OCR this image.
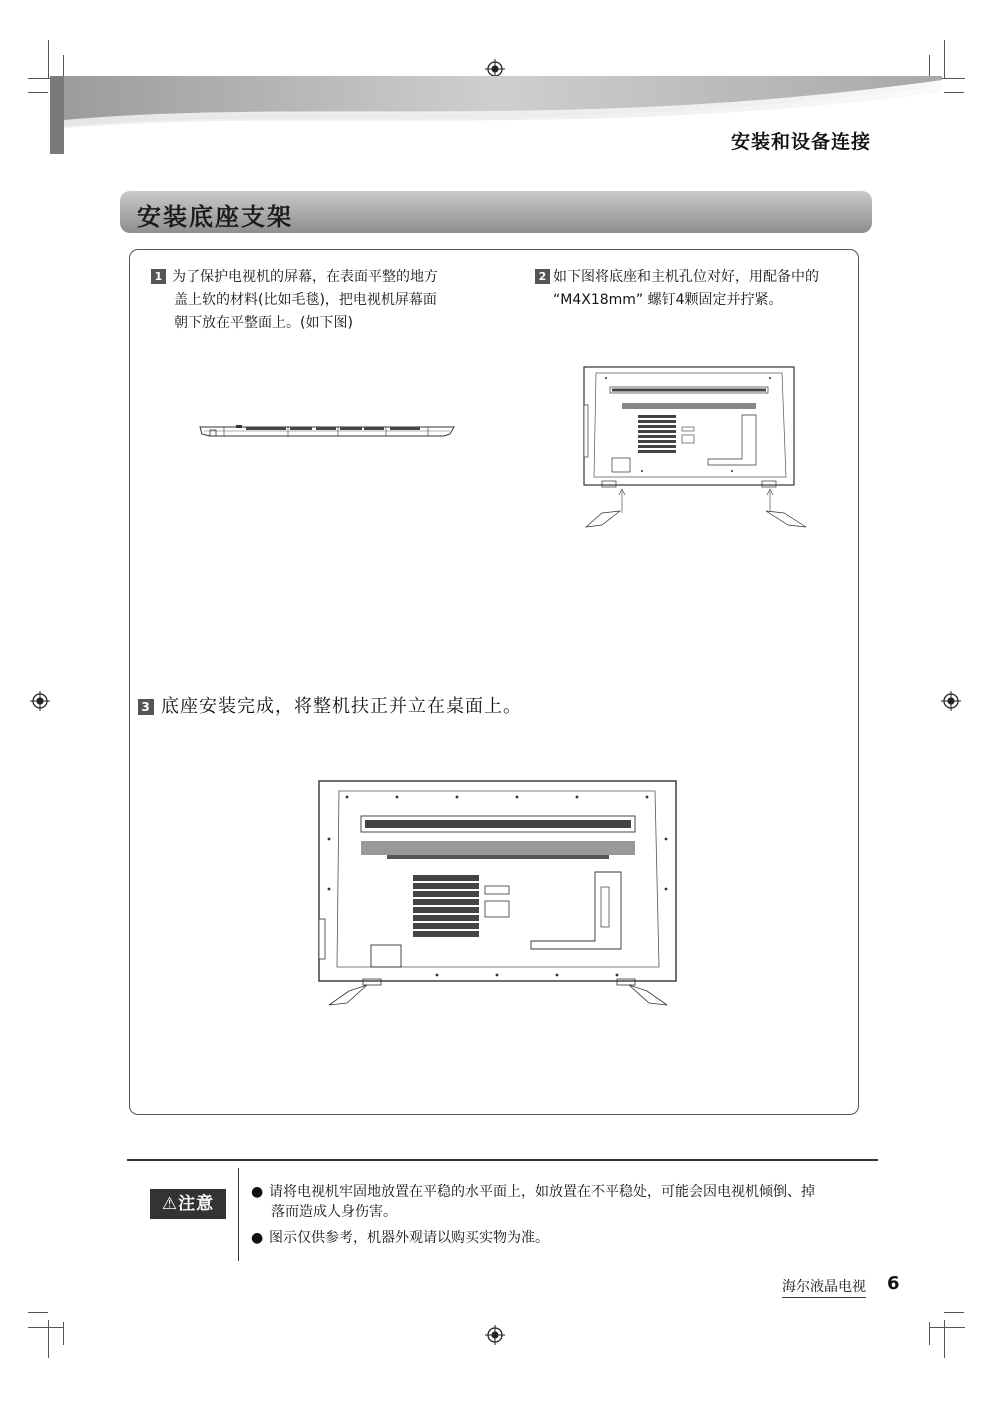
安装和设备连接
安装底座支架
1 为了保护电视机的屏幕，在表面平整的地方
盖上软的材料(比如毛毯)，把电视机屏幕面
朝下放在平整面上。(如下图)
2 如下图将底座和主机孔位对好，用配备中的
“M4X18mm” 螺钉4颗固定并拧紧。
3 底座安装完成，将整机扶正并立在桌面上。
⚠注意
● 请将电视机牢固地放置在平稳的水平面上，如放置在不平稳处，可能会因电视机倾倒、掉
落而造成人身伤害。
● 图示仅供参考，机器外观请以购买实物为准。
海尔液晶电视 6
